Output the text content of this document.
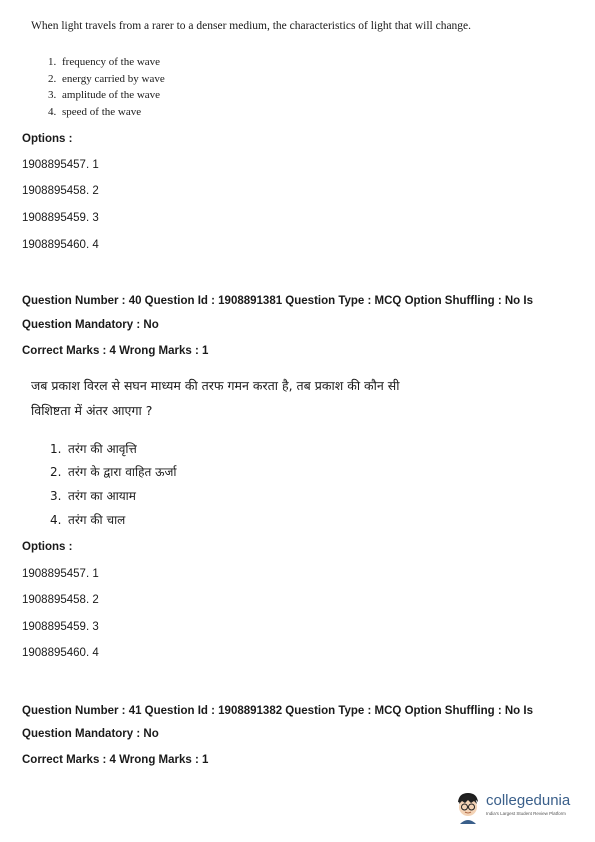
When light travels from a rarer to a denser medium, the characteristics of light that will change.
1. frequency of the wave
2. energy carried by wave
3. amplitude of the wave
4. speed of the wave
Options :
1908895457. 1
1908895458. 2
1908895459. 3
1908895460. 4
Question Number : 40 Question Id : 1908891381 Question Type : MCQ Option Shuffling : No Is
Question Mandatory : No
Correct Marks : 4 Wrong Marks : 1
जब प्रकाश विरल से सघन माध्यम की तरफ गमन करता है, तब प्रकाश की कौन सी
विशिष्टता में अंतर आएगा ?
1. तरंग की आवृत्ति
2. तरंग के द्वारा वाहित ऊर्जा
3. तरंग का आयाम
4. तरंग की चाल
Options :
1908895457. 1
1908895458. 2
1908895459. 3
1908895460. 4
Question Number : 41 Question Id : 1908891382 Question Type : MCQ Option Shuffling : No Is
Question Mandatory : No
Correct Marks : 4 Wrong Marks : 1
collegedunia
India's Largest Student Review Platform
